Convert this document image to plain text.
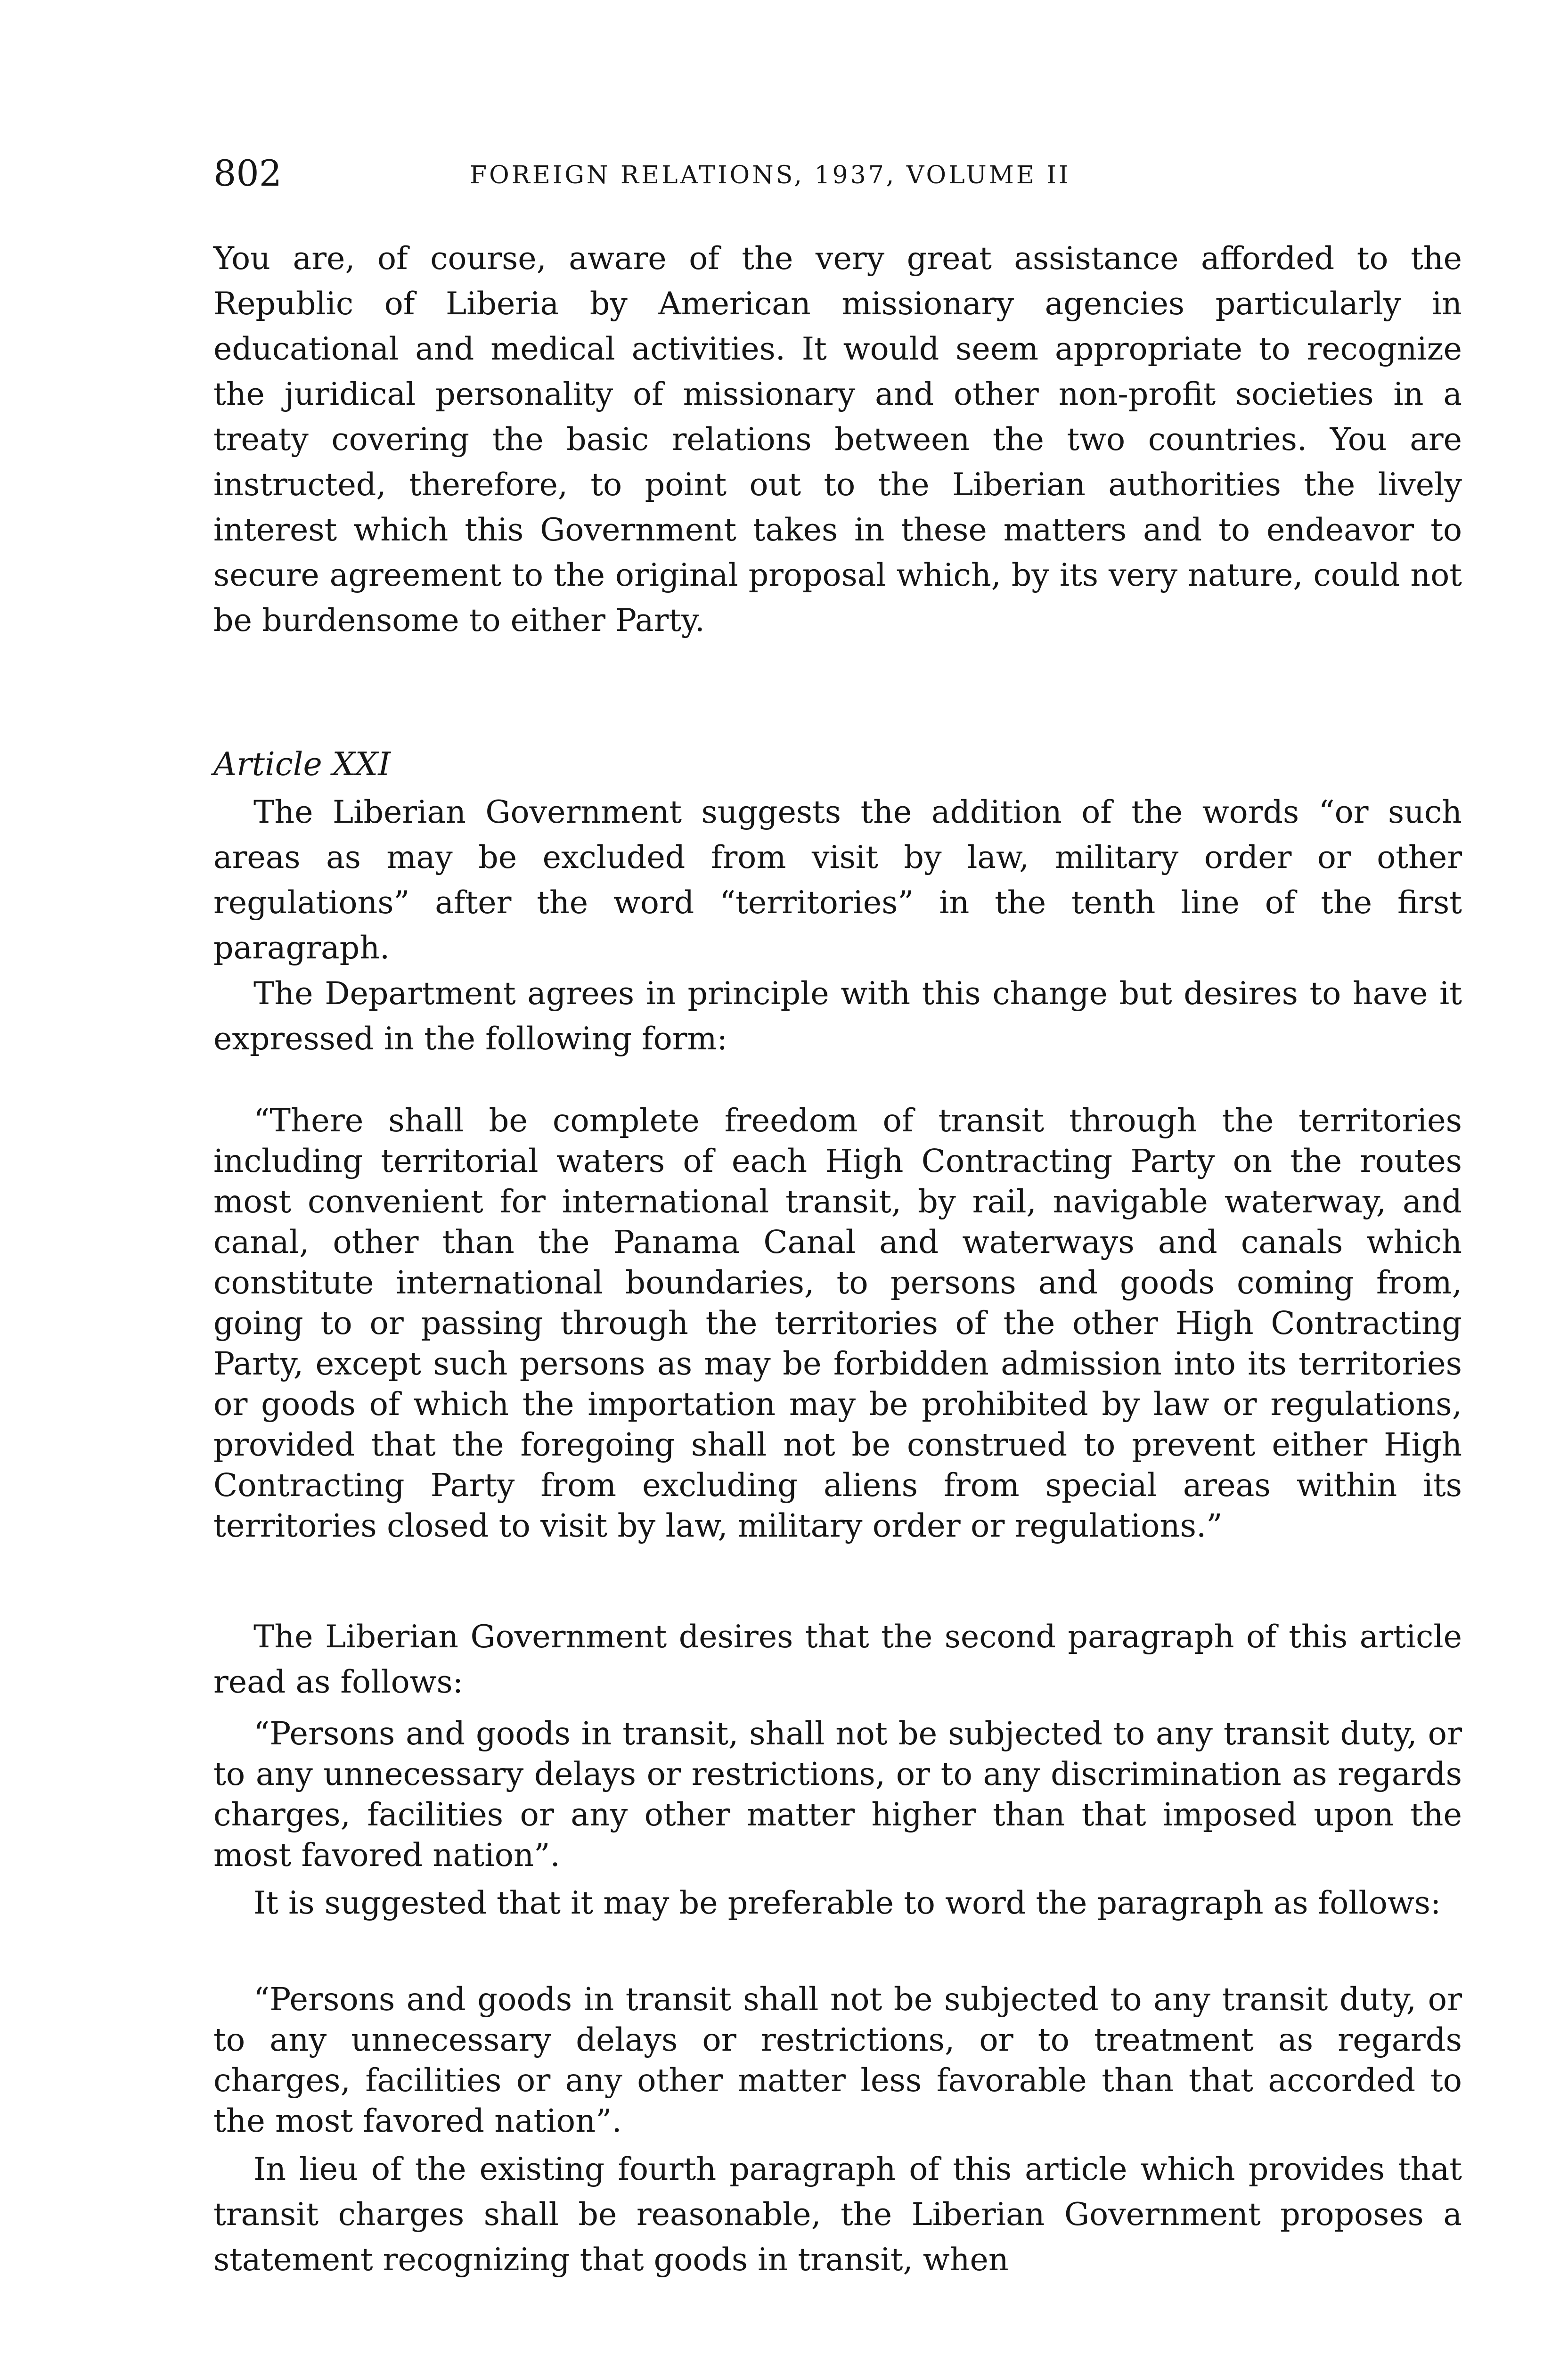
802	FOREIGN RELATIONS, 1937, VOLUME II

You are, of course, aware of the very great assistance afforded to the Republic of Liberia by American missionary agencies particularly in educational and medical activities. It would seem appropriate to recognize the juridical personality of missionary and other non-profit societies in a treaty covering the basic relations between the two countries. You are instructed, therefore, to point out to the Liberian authorities the lively interest which this Government takes in these matters and to endeavor to secure agreement to the original proposal which, by its very nature, could not be burdensome to either Party.

Article XXI

The Liberian Government suggests the addition of the words “or such areas as may be excluded from visit by law, military order or other regulations” after the word “territories” in the tenth line of the first paragraph.

The Department agrees in principle with this change but desires to have it expressed in the following form:

“There shall be complete freedom of transit through the territories including territorial waters of each High Contracting Party on the routes most convenient for international transit, by rail, navigable waterway, and canal, other than the Panama Canal and waterways and canals which constitute international boundaries, to persons and goods coming from, going to or passing through the territories of the other High Contracting Party, except such persons as may be forbidden admission into its territories or goods of which the importation may be prohibited by law or regulations, provided that the foregoing shall not be construed to prevent either High Contracting Party from excluding aliens from special areas within its territories closed to visit by law, military order or regulations.”

The Liberian Government desires that the second paragraph of this article read as follows:

“Persons and goods in transit, shall not be subjected to any transit duty, or to any unnecessary delays or restrictions, or to any discrimination as regards charges, facilities or any other matter higher than that imposed upon the most favored nation”.

It is suggested that it may be preferable to word the paragraph as follows:

“Persons and goods in transit shall not be subjected to any transit duty, or to any unnecessary delays or restrictions, or to treatment as regards charges, facilities or any other matter less favorable than that accorded to the most favored nation”.

In lieu of the existing fourth paragraph of this article which provides that transit charges shall be reasonable, the Liberian Government proposes a statement recognizing that goods in transit, when
